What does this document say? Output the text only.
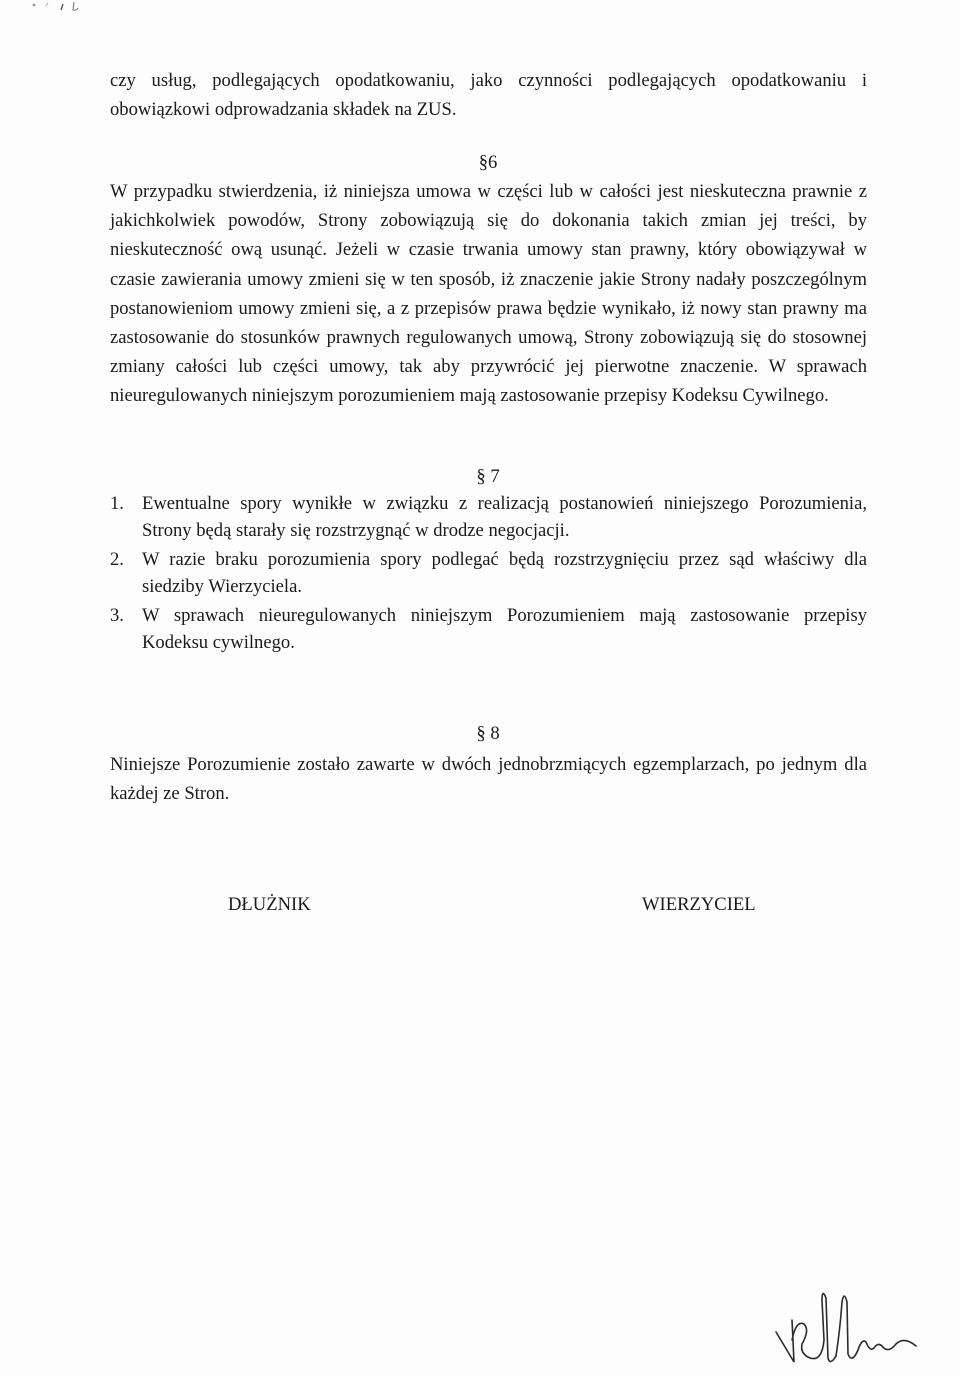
czy usług, podlegających opodatkowaniu, jako czynności podlegających opodatkowaniu i obowiązkowi odprowadzania składek na ZUS.

§6

W przypadku stwierdzenia, iż niniejsza umowa w części lub w całości jest nieskuteczna prawnie z jakichkolwiek powodów, Strony zobowiązują się do dokonania takich zmian jej treści, by nieskuteczność ową usunąć. Jeżeli w czasie trwania umowy stan prawny, który obowiązywał w czasie zawierania umowy zmieni się w ten sposób, iż znaczenie jakie Strony nadały poszczególnym postanowieniom umowy zmieni się, a z przepisów prawa będzie wynikało, iż nowy stan prawny ma zastosowanie do stosunków prawnych regulowanych umową, Strony zobowiązują się do stosownej zmiany całości lub części umowy, tak aby przywrócić jej pierwotne znaczenie. W sprawach nieuregulowanych niniejszym porozumieniem mają zastosowanie przepisy Kodeksu Cywilnego.

§ 7

1. Ewentualne spory wynikłe w związku z realizacją postanowień niniejszego Porozumienia, Strony będą starały się rozstrzygnąć w drodze negocjacji.
2. W razie braku porozumienia spory podlegać będą rozstrzygnięciu przez sąd właściwy dla siedziby Wierzyciela.
3. W sprawach nieuregulowanych niniejszym Porozumieniem mają zastosowanie przepisy Kodeksu cywilnego.

§ 8

Niniejsze Porozumienie zostało zawarte w dwóch jednobrzmiących egzemplarzach, po jednym dla każdej ze Stron.

DŁUŻNIK	WIERZYCIEL
